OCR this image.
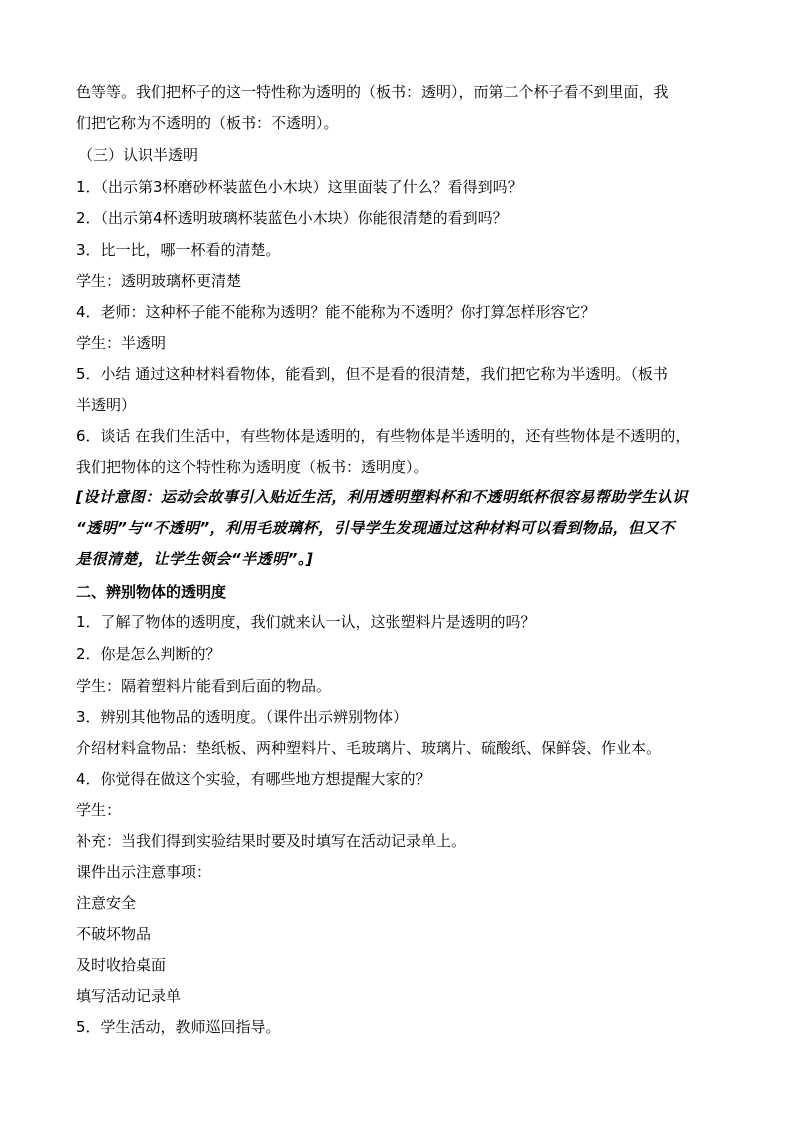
色等等。我们把杯子的这一特性称为透明的（板书：透明），而第二个杯子看不到里面，我
们把它称为不透明的（板书：不透明）。
（三）认识半透明
1．（出示第3杯磨砂杯装蓝色小木块）这里面装了什么？看得到吗？
2．（出示第4杯透明玻璃杯装蓝色小木块）你能很清楚的看到吗？
3．比一比，哪一杯看的清楚。
学生：透明玻璃杯更清楚
4．老师：这种杯子能不能称为透明？能不能称为不透明？你打算怎样形容它？
学生：半透明
5．小结 通过这种材料看物体，能看到，但不是看的很清楚，我们把它称为半透明。（板书
半透明）
6．谈话 在我们生活中，有些物体是透明的，有些物体是半透明的，还有些物体是不透明的，
我们把物体的这个特性称为透明度（板书：透明度）。
[设计意图：运动会故事引入贴近生活，利用透明塑料杯和不透明纸杯很容易帮助学生认识
“透明”与“不透明”，利用毛玻璃杯，引导学生发现通过这种材料可以看到物品，但又不
是很清楚，让学生领会“半透明”。]
二、辨别物体的透明度
1．了解了物体的透明度，我们就来认一认，这张塑料片是透明的吗？
2．你是怎么判断的？
学生：隔着塑料片能看到后面的物品。
3．辨别其他物品的透明度。（课件出示辨别物体）
介绍材料盒物品：垫纸板、两种塑料片、毛玻璃片、玻璃片、硫酸纸、保鲜袋、作业本。
4．你觉得在做这个实验，有哪些地方想提醒大家的？
学生：
补充：当我们得到实验结果时要及时填写在活动记录单上。
课件出示注意事项：
注意安全
不破坏物品
及时收拾桌面
填写活动记录单
5．学生活动，教师巡回指导。
